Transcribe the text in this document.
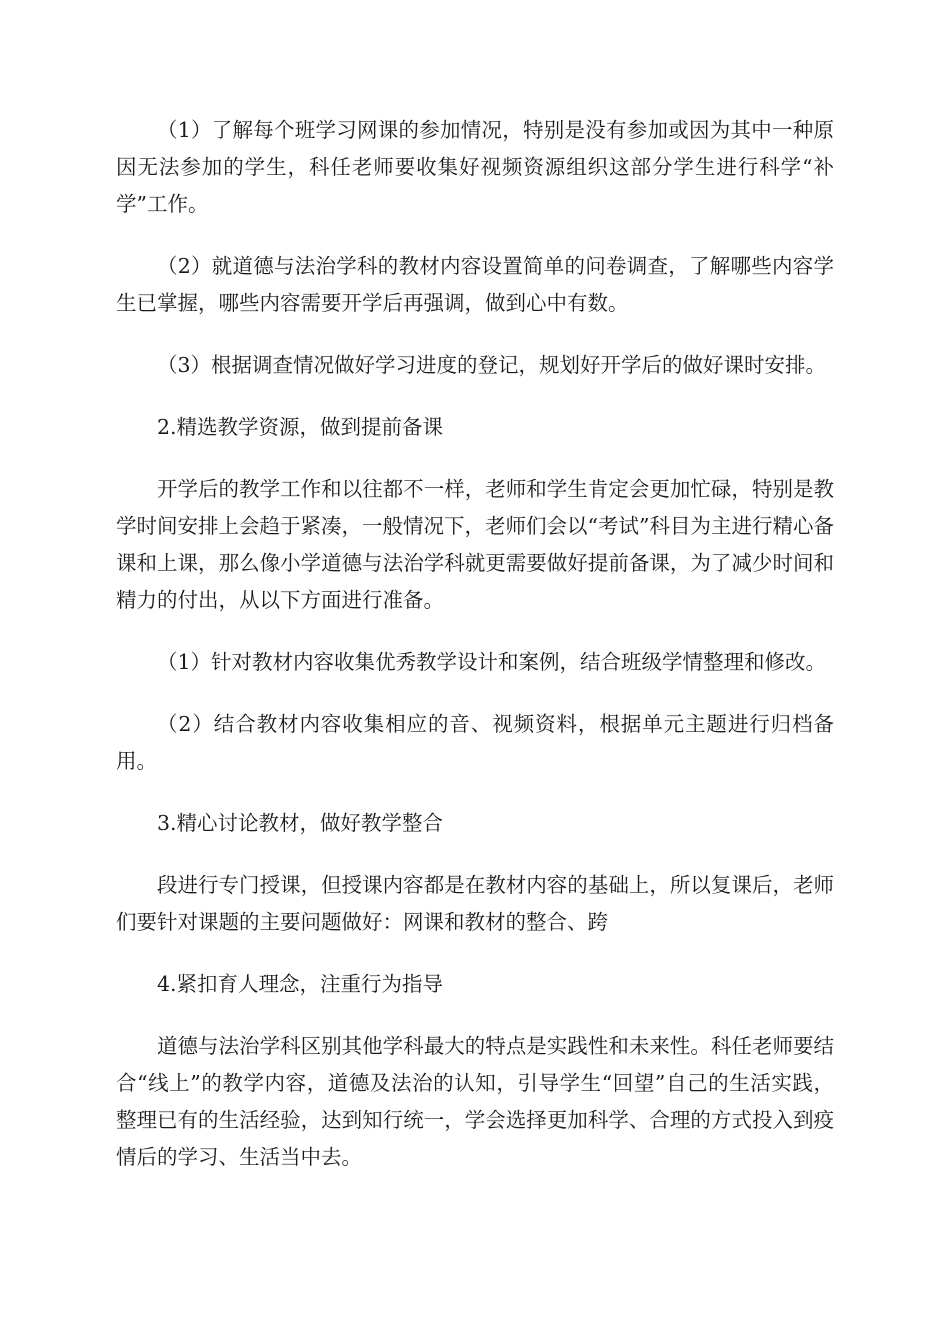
（1）了解每个班学习网课的参加情况，特别是没有参加或因为其中一种原因无法参加的学生，科任老师要收集好视频资源组织这部分学生进行科学“补学”工作。

（2）就道德与法治学科的教材内容设置简单的问卷调查，了解哪些内容学生已掌握，哪些内容需要开学后再强调，做到心中有数。

（3）根据调查情况做好学习进度的登记，规划好开学后的做好课时安排。

2.精选教学资源，做到提前备课

开学后的教学工作和以往都不一样，老师和学生肯定会更加忙碌，特别是教学时间安排上会趋于紧凑，一般情况下，老师们会以“考试”科目为主进行精心备课和上课，那么像小学道德与法治学科就更需要做好提前备课，为了减少时间和精力的付出，从以下方面进行准备。

（1）针对教材内容收集优秀教学设计和案例，结合班级学情整理和修改。

（2）结合教材内容收集相应的音、视频资料，根据单元主题进行归档备用。

3.精心讨论教材，做好教学整合

段进行专门授课，但授课内容都是在教材内容的基础上，所以复课后，老师们要针对课题的主要问题做好：网课和教材的整合、跨

4.紧扣育人理念，注重行为指导

道德与法治学科区别其他学科最大的特点是实践性和未来性。科任老师要结合“线上”的教学内容，道德及法治的认知，引导学生“回望”自己的生活实践，整理已有的生活经验，达到知行统一，学会选择更加科学、合理的方式投入到疫情后的学习、生活当中去。
